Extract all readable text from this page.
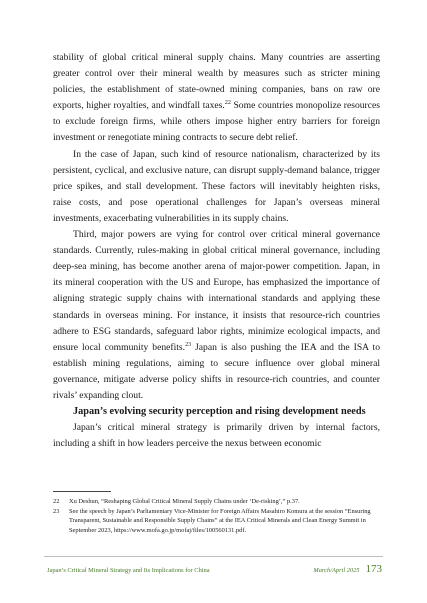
stability of global critical mineral supply chains. Many countries are asserting greater control over their mineral wealth by measures such as stricter mining policies, the establishment of state-owned mining companies, bans on raw ore exports, higher royalties, and windfall taxes.$^{22}$ Some countries monopolize resources to exclude foreign firms, while others impose higher entry barriers for foreign investment or renegotiate mining contracts to secure debt relief.

In the case of Japan, such kind of resource nationalism, characterized by its persistent, cyclical, and exclusive nature, can disrupt supply-demand balance, trigger price spikes, and stall development. These factors will inevitably heighten risks, raise costs, and pose operational challenges for Japan’s overseas mineral investments, exacerbating vulnerabilities in its supply chains.

Third, major powers are vying for control over critical mineral governance standards. Currently, rules-making in global critical mineral governance, including deep-sea mining, has become another arena of major-power competition. Japan, in its mineral cooperation with the US and Europe, has emphasized the importance of aligning strategic supply chains with international standards and applying these standards in overseas mining. For instance, it insists that resource-rich countries adhere to ESG standards, safeguard labor rights, minimize ecological impacts, and ensure local community benefits.$^{23}$ Japan is also pushing the IEA and the ISA to establish mining regulations, aiming to secure influence over global mineral governance, mitigate adverse policy shifts in resource-rich countries, and counter rivals’ expanding clout.

Japan’s evolving security perception and rising development needs

Japan’s critical mineral strategy is primarily driven by internal factors, including a shift in how leaders perceive the nexus between economic

22	Xu Deshun, “Reshaping Global Critical Mineral Supply Chains under ‘De-risking’,” p.37.
23	See the speech by Japan’s Parliamentary Vice-Minister for Foreign Affairs Masahiro Komura at the session “Ensuring Transparent, Sustainable and Responsible Supply Chains” at the IEA Critical Minerals and Clean Energy Summit in September 2023, https://www.mofa.go.jp/mofaj/files/100560131.pdf.
Japan’s Critical Mineral Strategy and Its Implications for China	March/April 2025 173
